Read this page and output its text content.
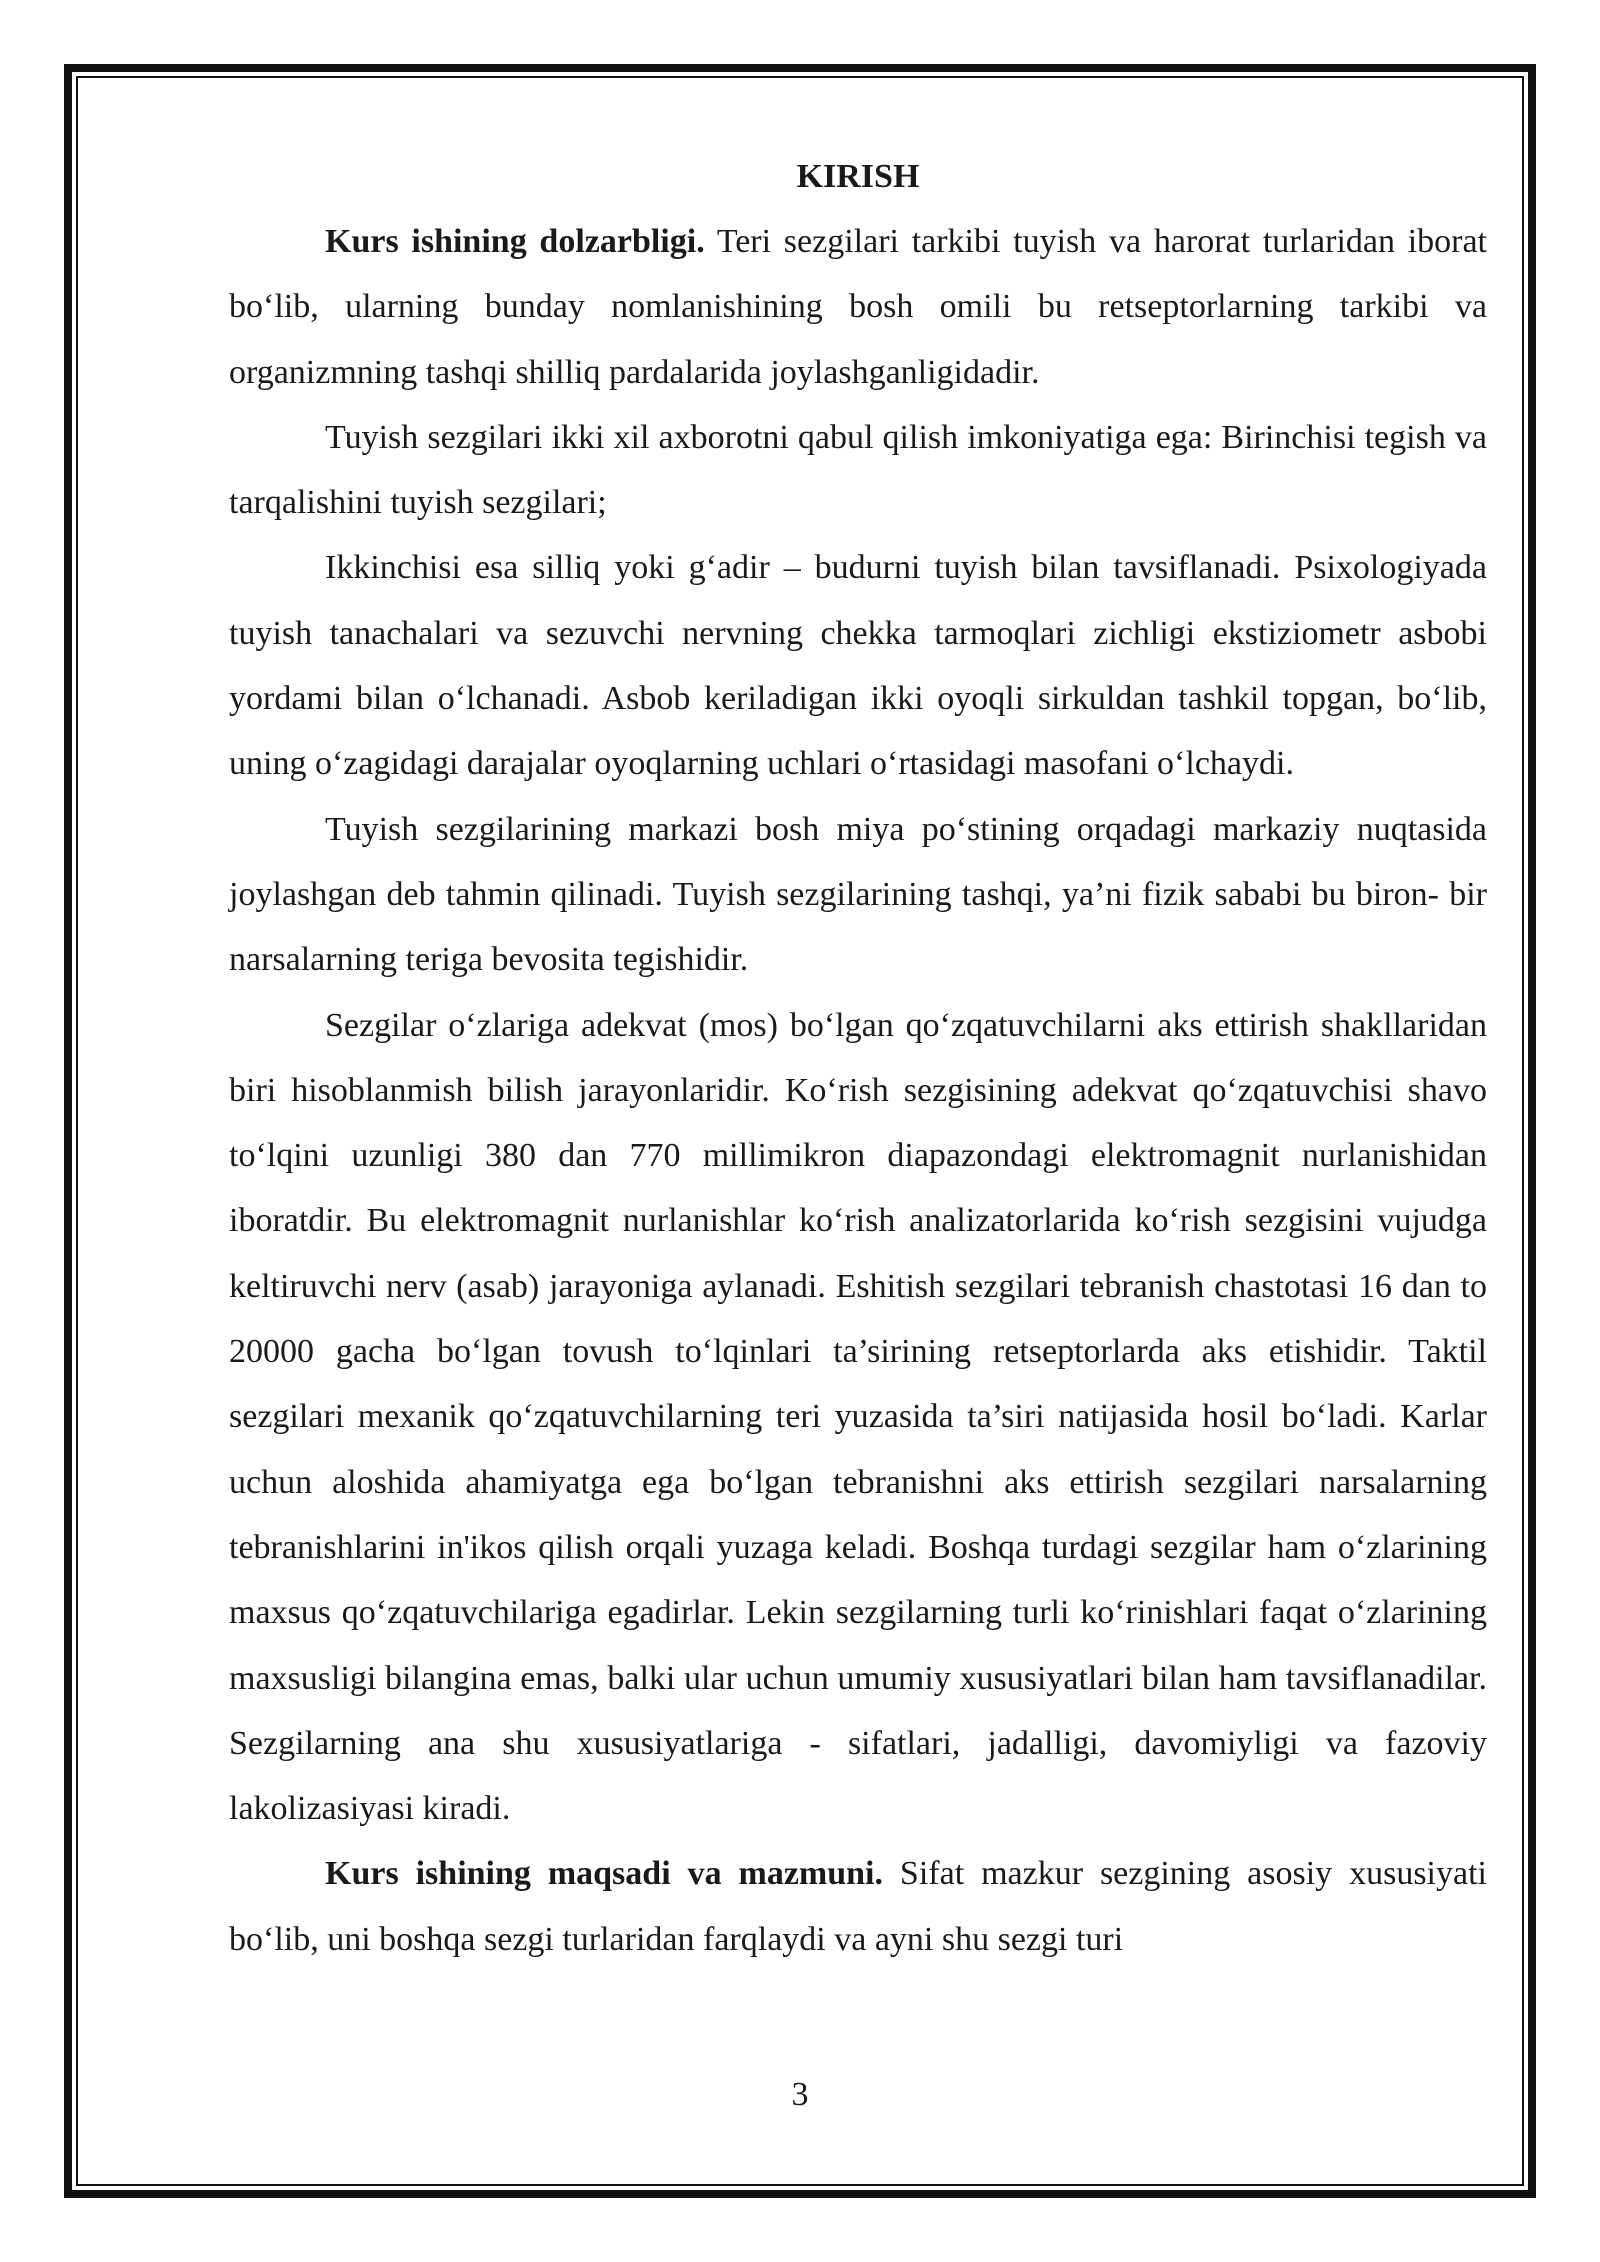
KIRISH

Kurs ishining dolzarbligi. Teri sezgilari tarkibi tuyish va harorat turlaridan iborat bo‘lib, ularning bunday nomlanishining bosh omili bu retseptorlarning tarkibi va organizmning tashqi shilliq pardalarida joylashganligidadir.

Tuyish sezgilari ikki xil axborotni qabul qilish imkoniyatiga ega: Birinchisi tegish va tarqalishini tuyish sezgilari;

Ikkinchisi esa silliq yoki g‘adir – budurni tuyish bilan tavsiflanadi. Psixologiyada tuyish tanachalari va sezuvchi nervning chekka tarmoqlari zichligi ekstiziometr asbobi yordami bilan o‘lchanadi. Asbob keriladigan ikki oyoqli sirkuldan tashkil topgan, bo‘lib, uning o‘zagidagi darajalar oyoqlarning uchlari o‘rtasidagi masofani o‘lchaydi.

Tuyish sezgilarining markazi bosh miya po‘stining orqadagi markaziy nuqtasida joylashgan deb tahmin qilinadi. Tuyish sezgilarining tashqi, ya’ni fizik sababi bu biron- bir narsalarning teriga bevosita tegishidir.

Sezgilar o‘zlariga adekvat (mos) bo‘lgan qo‘zqatuvchilarni aks ettirish shakllaridan biri hisoblanmish bilish jarayonlaridir. Ko‘rish sezgisining adekvat qo‘zqatuvchisi shavo to‘lqini uzunligi 380 dan 770 millimikron diapazondagi elektromagnit nurlanishidan iboratdir. Bu elektromagnit nurlanishlar ko‘rish analizatorlarida ko‘rish sezgisini vujudga keltiruvchi nerv (asab) jarayoniga aylanadi. Eshitish sezgilari tebranish chastotasi 16 dan to 20000 gacha bo‘lgan tovush to‘lqinlari ta’sirining retseptorlarda aks etishidir. Taktil sezgilari mexanik qo‘zqatuvchilarning teri yuzasida ta’siri natijasida hosil bo‘ladi. Karlar uchun aloshida ahamiyatga ega bo‘lgan tebranishni aks ettirish sezgilari narsalarning tebranishlarini in'ikos qilish orqali yuzaga keladi. Boshqa turdagi sezgilar ham o‘zlarining maxsus qo‘zqatuvchilariga egadirlar. Lekin sezgilarning turli ko‘rinishlari faqat o‘zlarining maxsusligi bilangina emas, balki ular uchun umumiy xususiyatlari bilan ham tavsiflanadilar. Sezgilarning ana shu xususiyatlariga - sifatlari, jadalligi, davomiyligi va fazoviy lakolizasiyasi kiradi.

Kurs ishining maqsadi va mazmuni. Sifat mazkur sezgining asosiy xususiyati bo‘lib, uni boshqa sezgi turlaridan farqlaydi va ayni shu sezgi turi

3
